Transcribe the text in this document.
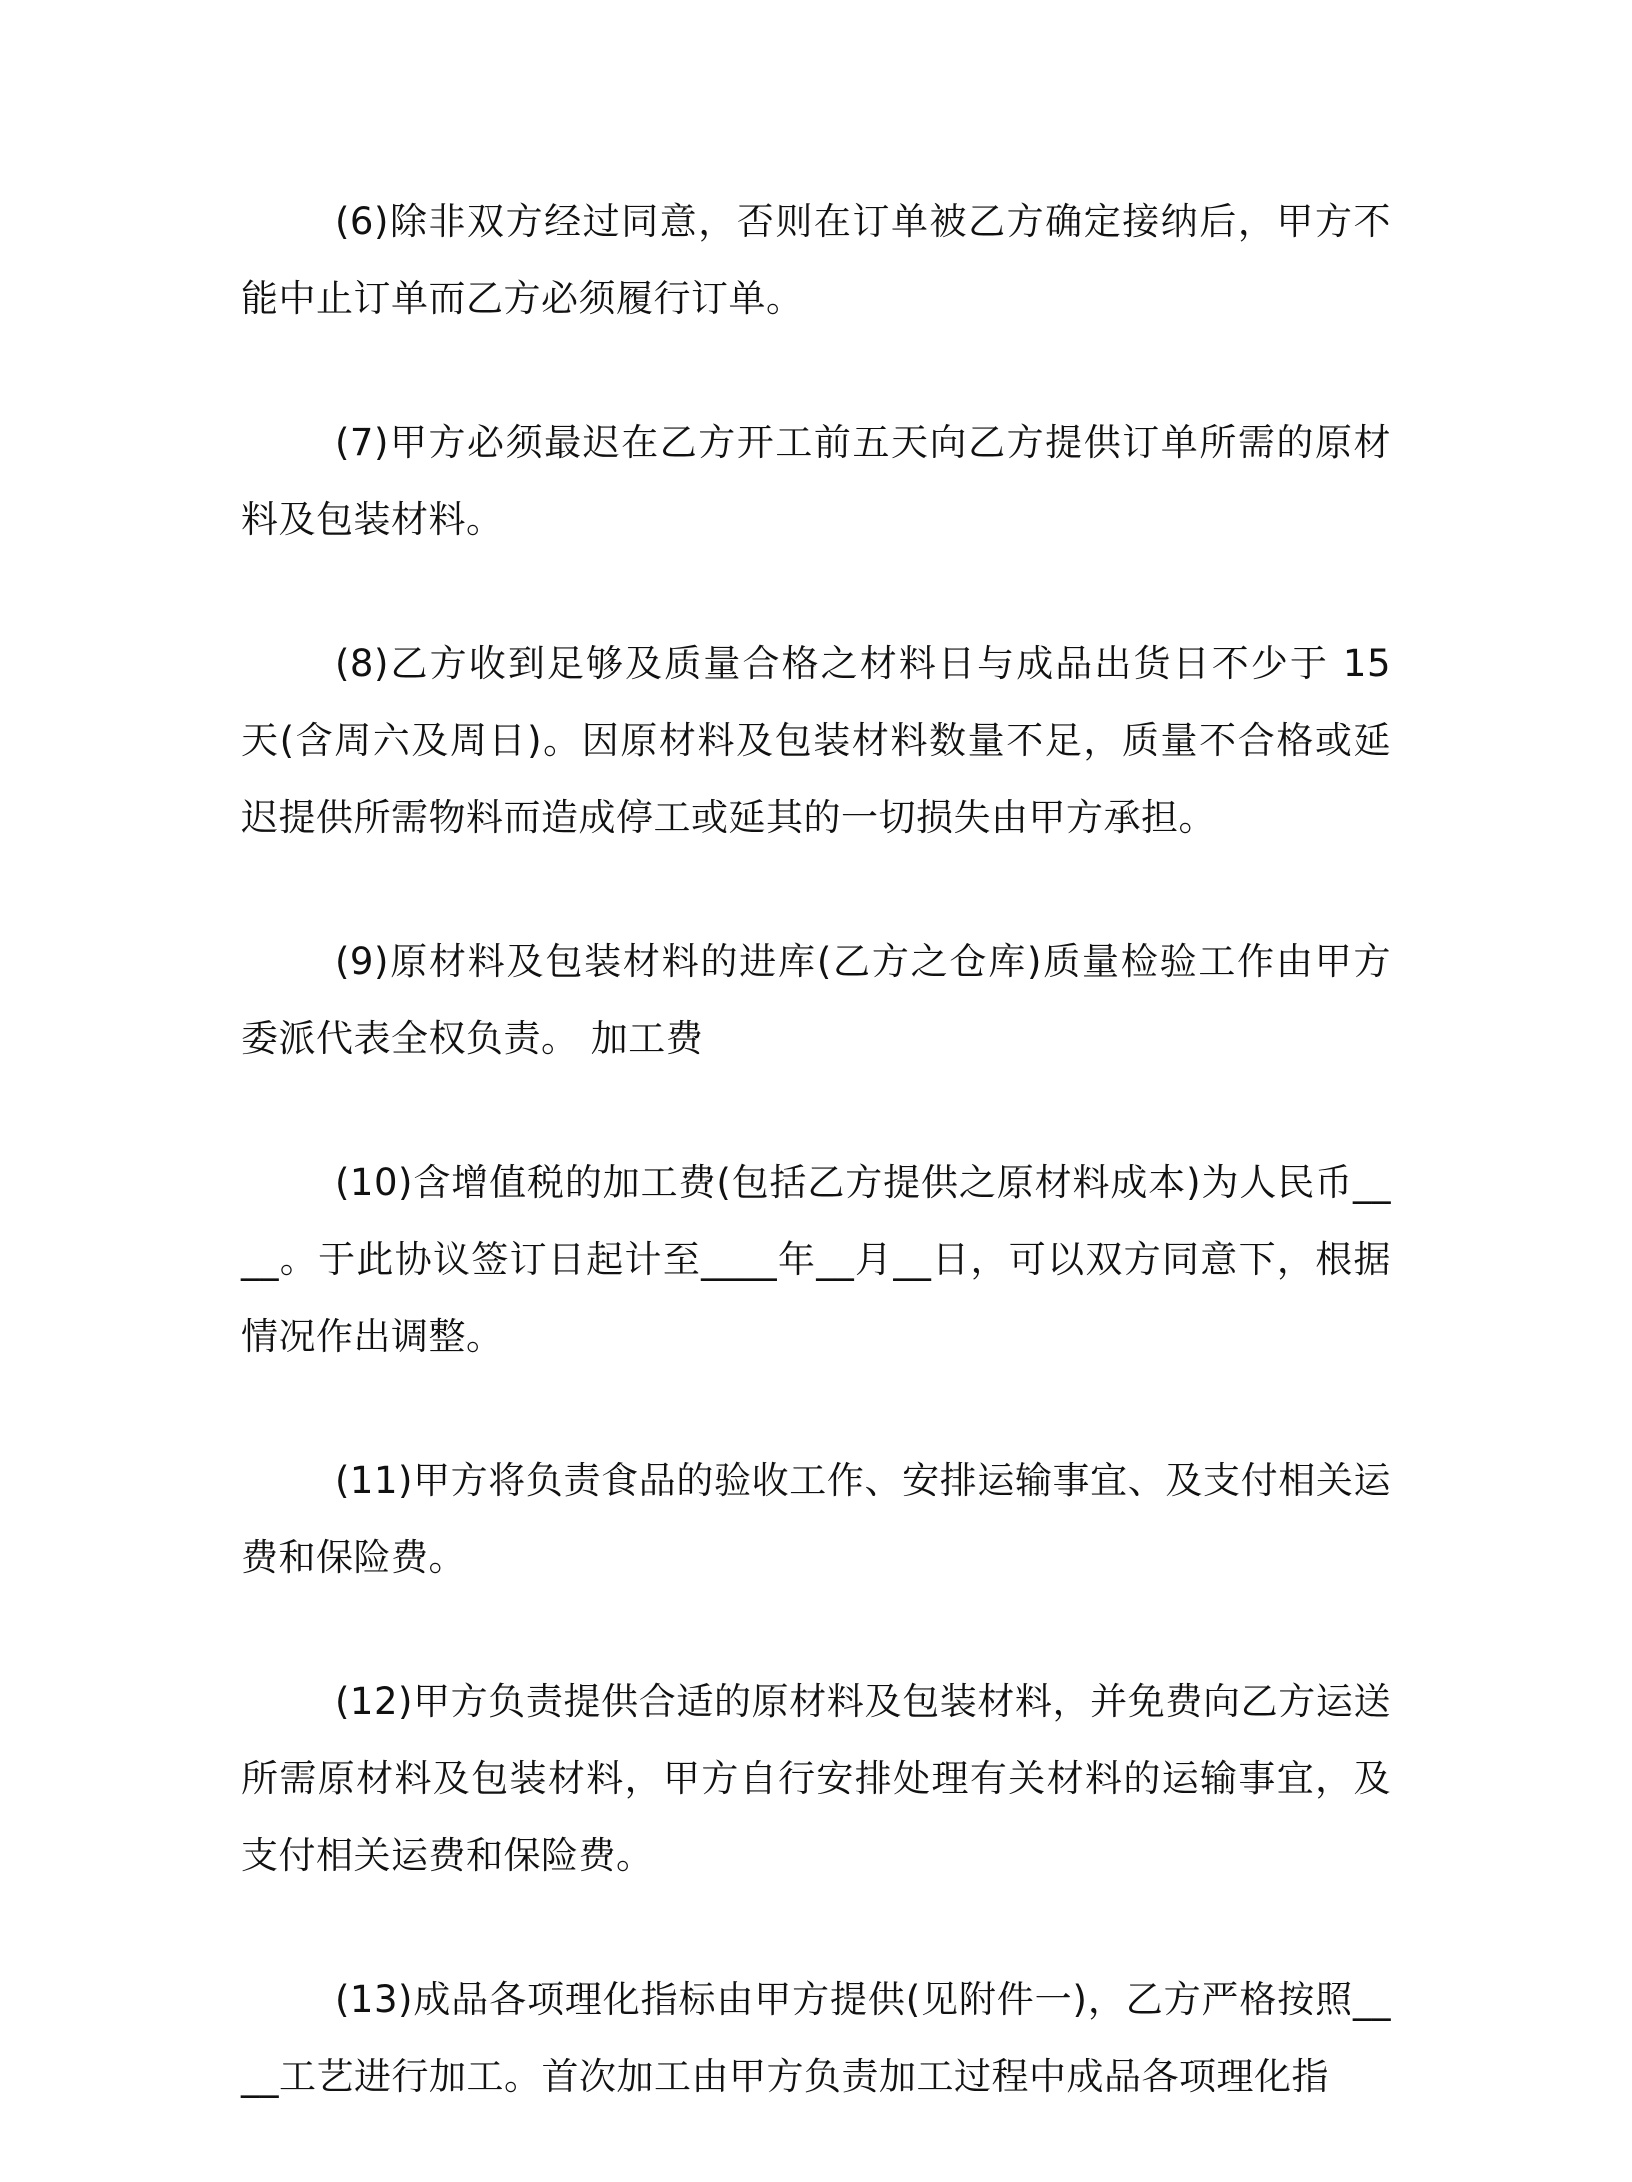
(6)除非双方经过同意，否则在订单被乙方确定接纳后，甲方不能中止订单而乙方必须履行订单。

(7)甲方必须最迟在乙方开工前五天向乙方提供订单所需的原材料及包装材料。

(8)乙方收到足够及质量合格之材料日与成品出货日不少于 15 天(含周六及周日)。因原材料及包装材料数量不足，质量不合格或延迟提供所需物料而造成停工或延其的一切损失由甲方承担。

(9)原材料及包装材料的进库(乙方之仓库)质量检验工作由甲方委派代表全权负责。 加工费

(10)含增值税的加工费(包括乙方提供之原材料成本)为人民币____。于此协议签订日起计至____年__月__日，可以双方同意下，根据情况作出调整。

(11)甲方将负责食品的验收工作、安排运输事宜、及支付相关运费和保险费。

(12)甲方负责提供合适的原材料及包装材料，并免费向乙方运送所需原材料及包装材料，甲方自行安排处理有关材料的运输事宜，及支付相关运费和保险费。

(13)成品各项理化指标由甲方提供(见附件一)，乙方严格按照____工艺进行加工。首次加工由甲方负责加工过程中成品各项理化指
